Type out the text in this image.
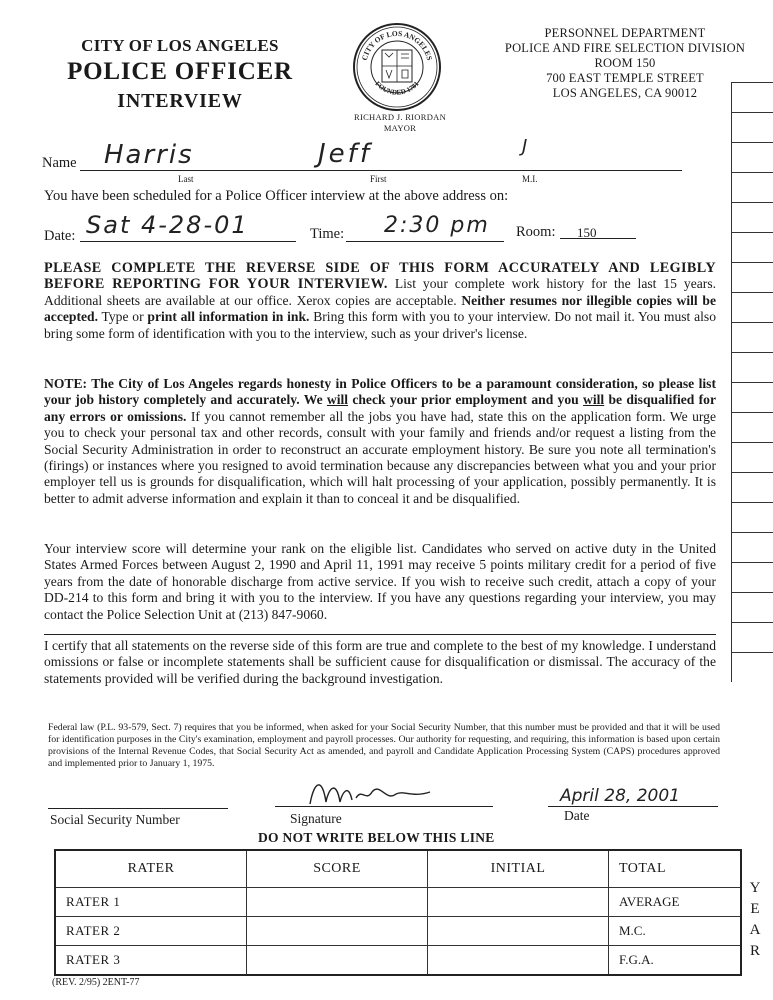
CITY OF LOS ANGELES
POLICE OFFICER
INTERVIEW
CITY OF LOS ANGELES
FOUNDED 1781
RICHARD J. RIORDAN
MAYOR
PERSONNEL DEPARTMENT
POLICE AND FIRE SELECTION DIVISION
ROOM 150
700 EAST TEMPLE STREET
LOS ANGELES, CA 90012
Name Harris	Jeff	J
Last	First	M.I.
You have been scheduled for a Police Officer interview at the above address on:
Date: Sat 4-28-01	Time: 2:30 pm Room: 150
PLEASE COMPLETE THE REVERSE SIDE OF THIS FORM ACCURATELY AND LEGIBLY BEFORE REPORTING FOR YOUR INTERVIEW. List your complete work history for the last 15 years. Additional sheets are available at our office. Xerox copies are acceptable. Neither resumes nor illegible copies will be accepted. Type or print all information in ink. Bring this form with you to your interview. Do not mail it. You must also bring some form of identification with you to the interview, such as your driver's license.
NOTE: The City of Los Angeles regards honesty in Police Officers to be a paramount consideration, so please list your job history completely and accurately. We will check your prior employment and you will be disqualified for any errors or omissions. If you cannot remember all the jobs you have had, state this on the application form. We urge you to check your personal tax and other records, consult with your family and friends and/or request a listing from the Social Security Administration in order to reconstruct an accurate employment history. Be sure you note all termination's (firings) or instances where you resigned to avoid termination because any discrepancies between what you and your prior employer tell us is grounds for disqualification, which will halt processing of your application, possibly permanently. It is better to admit adverse information and explain it than to conceal it and be disqualified.
Your interview score will determine your rank on the eligible list. Candidates who served on active duty in the United States Armed Forces between August 2, 1990 and April 11, 1991 may receive 5 points military credit for a period of five years from the date of honorable discharge from active service. If you wish to receive such credit, attach a copy of your DD-214 to this form and bring it with you to the interview. If you have any questions regarding your interview, you may contact the Police Selection Unit at (213) 847-9060.
I certify that all statements on the reverse side of this form are true and complete to the best of my knowledge. I understand omissions or false or incomplete statements shall be sufficient cause for disqualification or dismissal. The accuracy of the statements provided will be verified during the background investigation.
Federal law (P.L. 93-579, Sect. 7) requires that you be informed, when asked for your Social Security Number, that this number must be provided and that it will be used for identification purposes in the City's examination, employment and payroll processes. Our authority for requesting, and requiring, this information is based upon certain provisions of the Internal Revenue Codes, that Social Security Act as amended, and payroll and Candidate Application Processing System (CAPS) procedures approved and implemented prior to January 1, 1975.
Social Security Number	Signature
April 28, 2001
Date
DO NOT WRITE BELOW THIS LINE
RATER	SCORE	INITIAL	TOTAL
RATER 1			AVERAGE
RATER 2			M.C.
RATER 3			F.G.A.
Y
E
A
R
(REV. 2/95) 2ENT-77
